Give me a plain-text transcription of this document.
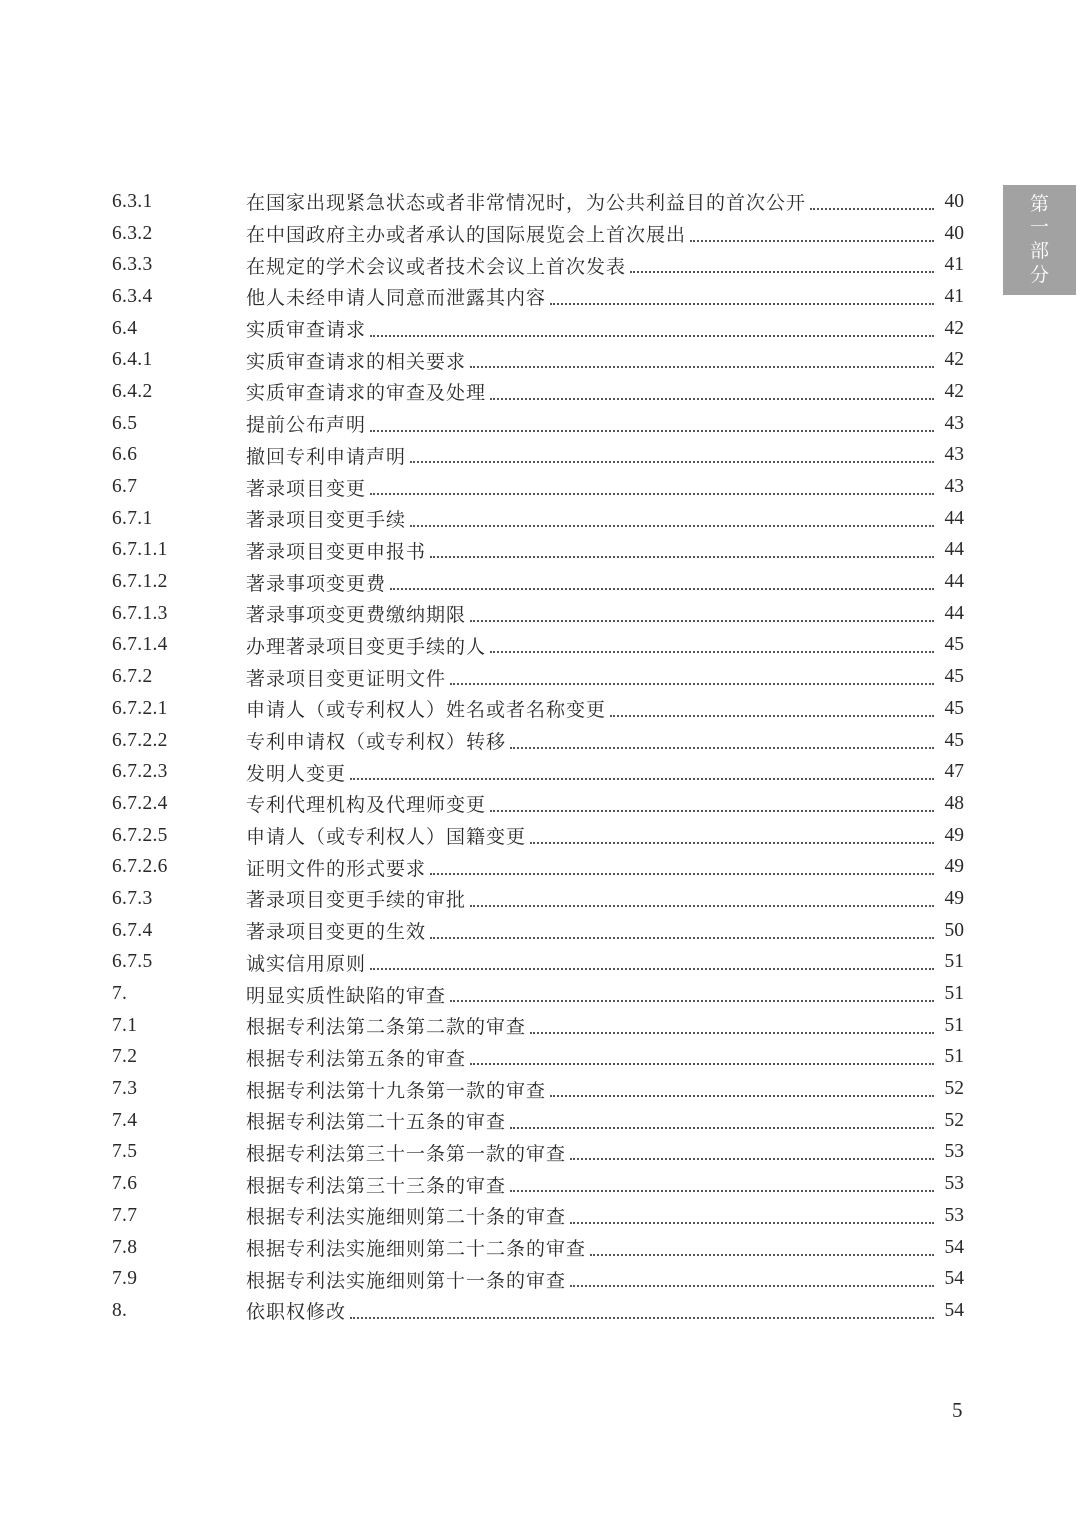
第
一
部
分
6.3.1	在国家出现紧急状态或者非常情况时，为公共利益目的首次公开	40
6.3.2	在中国政府主办或者承认的国际展览会上首次展出	40
6.3.3	在规定的学术会议或者技术会议上首次发表	41
6.3.4	他人未经申请人同意而泄露其内容	41
6.4	实质审查请求	42
6.4.1	实质审查请求的相关要求	42
6.4.2	实质审查请求的审查及处理	42
6.5	提前公布声明	43
6.6	撤回专利申请声明	43
6.7	著录项目变更	43
6.7.1	著录项目变更手续	44
6.7.1.1	著录项目变更申报书	44
6.7.1.2	著录事项变更费	44
6.7.1.3	著录事项变更费缴纳期限	44
6.7.1.4	办理著录项目变更手续的人	45
6.7.2	著录项目变更证明文件	45
6.7.2.1	申请人（或专利权人）姓名或者名称变更	45
6.7.2.2	专利申请权（或专利权）转移	45
6.7.2.3	发明人变更	47
6.7.2.4	专利代理机构及代理师变更	48
6.7.2.5	申请人（或专利权人）国籍变更	49
6.7.2.6	证明文件的形式要求	49
6.7.3	著录项目变更手续的审批	49
6.7.4	著录项目变更的生效	50
6.7.5	诚实信用原则	51
7.	明显实质性缺陷的审查	51
7.1	根据专利法第二条第二款的审查	51
7.2	根据专利法第五条的审查	51
7.3	根据专利法第十九条第一款的审查	52
7.4	根据专利法第二十五条的审查	52
7.5	根据专利法第三十一条第一款的审查	53
7.6	根据专利法第三十三条的审查	53
7.7	根据专利法实施细则第二十条的审查	53
7.8	根据专利法实施细则第二十二条的审查	54
7.9	根据专利法实施细则第十一条的审查	54
8.	依职权修改	54
5
